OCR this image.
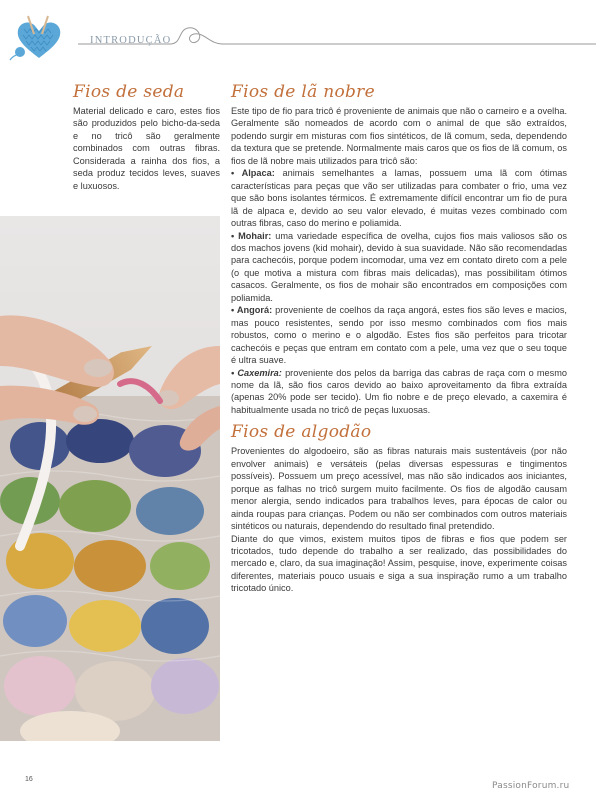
INTRODUÇÃO
Fios de seda
Material delicado e caro, estes fios são produzidos pelo bicho-da-seda e no tricô são geralmente combinados com outras fibras. Considerada a rainha dos fios, a seda produz tecidos leves, suaves e luxuosos.
Fios de lã nobre

Este tipo de fio para tricô é proveniente de animais que não o carneiro e a ovelha. Geralmente são nomeados de acordo com o animal de que são extraídos, podendo surgir em misturas com fios sintéticos, de lã comum, seda, dependendo da textura que se pretende. Normalmente mais caros que os fios de lã comum, os fios de lã nobre mais utilizados para tricô são:

• Alpaca: animais semelhantes a lamas, possuem uma lã com ótimas características para peças que vão ser utilizadas para combater o frio, uma vez que são bons isolantes térmicos. É extremamente difícil encontrar um fio de pura lã de alpaca e, devido ao seu valor elevado, é muitas vezes combinado com outras fibras, caso do merino e poliamida.

• Mohair: uma variedade específica de ovelha, cujos fios mais valiosos são os dos machos jovens (kid mohair), devido à sua suavidade. Não são recomendadas para cachecóis, porque podem incomodar, uma vez em contato direto com a pele (o que motiva a mistura com fibras mais delicadas), mas possibilitam ótimos casacos. Geralmente, os fios de mohair são encontrados em composições com poliamida.

• Angorá: proveniente de coelhos da raça angorá, estes fios são leves e macios, mas pouco resistentes, sendo por isso mesmo combinados com fios mais robustos, como o merino e o algodão. Estes fios são perfeitos para tricotar cachecóis e peças que entram em contato com a pele, uma vez que o seu toque é ultra suave.

• Caxemira: proveniente dos pelos da barriga das cabras de raça com o mesmo nome da lã, são fios caros devido ao baixo aproveitamento da fibra extraída (apenas 20% pode ser tecido). Um fio nobre e de preço elevado, a caxemira é habitualmente usada no tricô de peças luxuosas.

Fios de algodão

Provenientes do algodoeiro, são as fibras naturais mais sustentáveis (por não envolver animais) e versáteis (pelas diversas espessuras e tingimentos possíveis). Possuem um preço acessível, mas não são indicados aos iniciantes, porque as falhas no tricô surgem muito facilmente. Os fios de algodão causam menor alergia, sendo indicados para trabalhos leves, para épocas de calor ou ainda roupas para crianças. Podem ou não ser combinados com outros materiais sintéticos ou naturais, dependendo do resultado final pretendido.

Diante do que vimos, existem muitos tipos de fibras e fios que podem ser tricotados, tudo depende do trabalho a ser realizado, das possibilidades do mercado e, claro, da sua imaginação! Assim, pesquise, inove, experimente coisas diferentes, materiais pouco usuais e siga a sua inspiração rumo a um trabalho tricotado único.

16
PassionForum.ru
